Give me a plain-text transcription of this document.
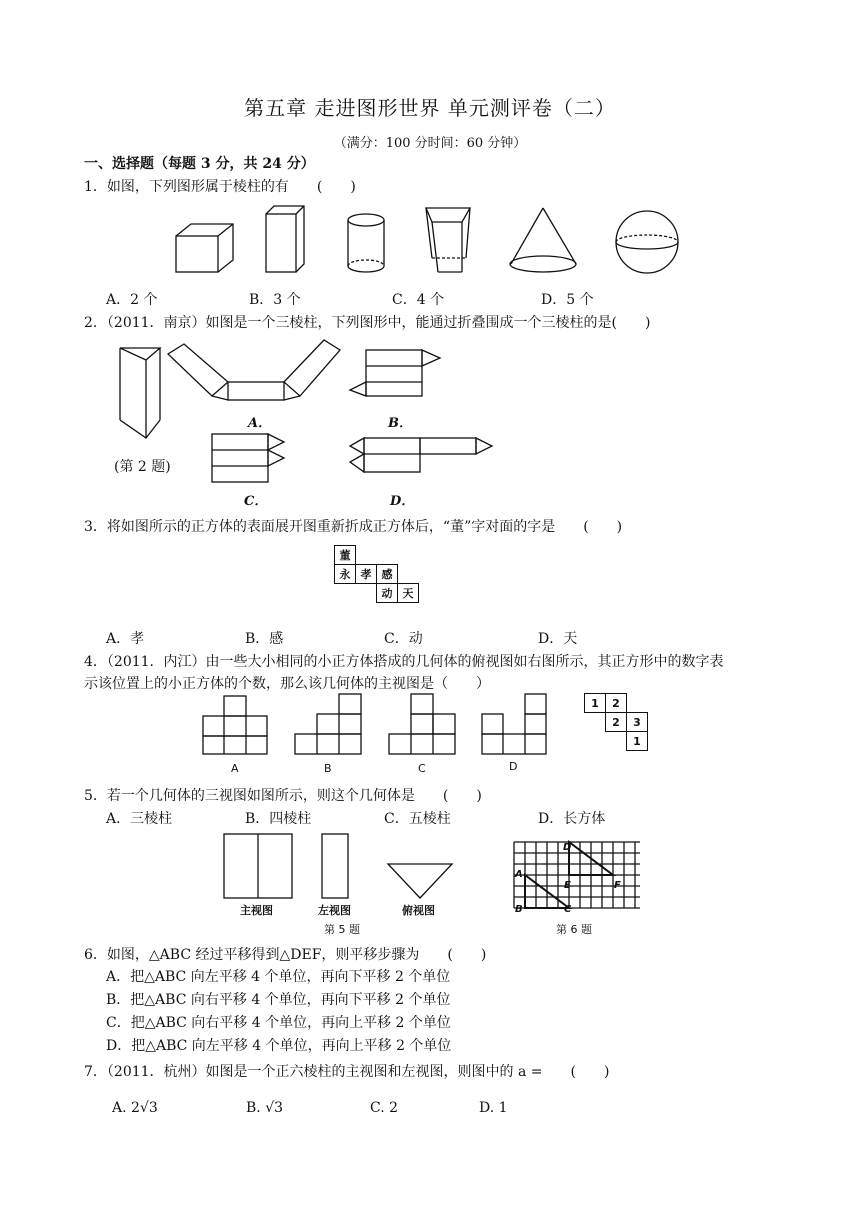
第五章 走进图形世界 单元测评卷（二）
（满分：100 分时间：60 分钟）
一、选择题（每题 3 分，共 24 分）
1．如图，下列图形属于棱柱的有　　(　　)
A．2 个	B．3 个	C．4 个	D．5 个
2．（2011．南京）如图是一个三棱柱，下列图形中，能通过折叠围成一个三棱柱的是(　　)
A．	B．
(第 2 题)
C．	D．
3．将如图所示的正方体的表面展开图重新折成正方体后，“董”字对面的字是　　(　　)
董			
永	孝	感	
		动	天
A．孝	B．感	C．动	D．天
4．（2011．内江）由一些大小相同的小正方体搭成的几何体的俯视图如右图所示，其正方形中的数字表
示该位置上的小正方体的个数，那么该几何体的主视图是（　　）
A	B	C	D
1	2	
	2	3
		1
5．若一个几何体的三视图如图所示，则这个几何体是　　(　　)
A．三棱柱	B．四棱柱	C．五棱柱	D．长方体
主视图	左视图	俯视图
第 5 题
A
B	C
D
E	F
第 6 题
6．如图，△ABC 经过平移得到△DEF，则平移步骤为　　(　　)
A．把△ABC 向左平移 4 个单位，再向下平移 2 个单位
B．把△ABC 向右平移 4 个单位，再向下平移 2 个单位
C．把△ABC 向右平移 4 个单位，再向上平移 2 个单位
D．把△ABC 向左平移 4 个单位，再向上平移 2 个单位
7．（2011．杭州）如图是一个正六棱柱的主视图和左视图，则图中的 a =　　(　　)
A. 2√3	B. √3	C. 2	D. 1
